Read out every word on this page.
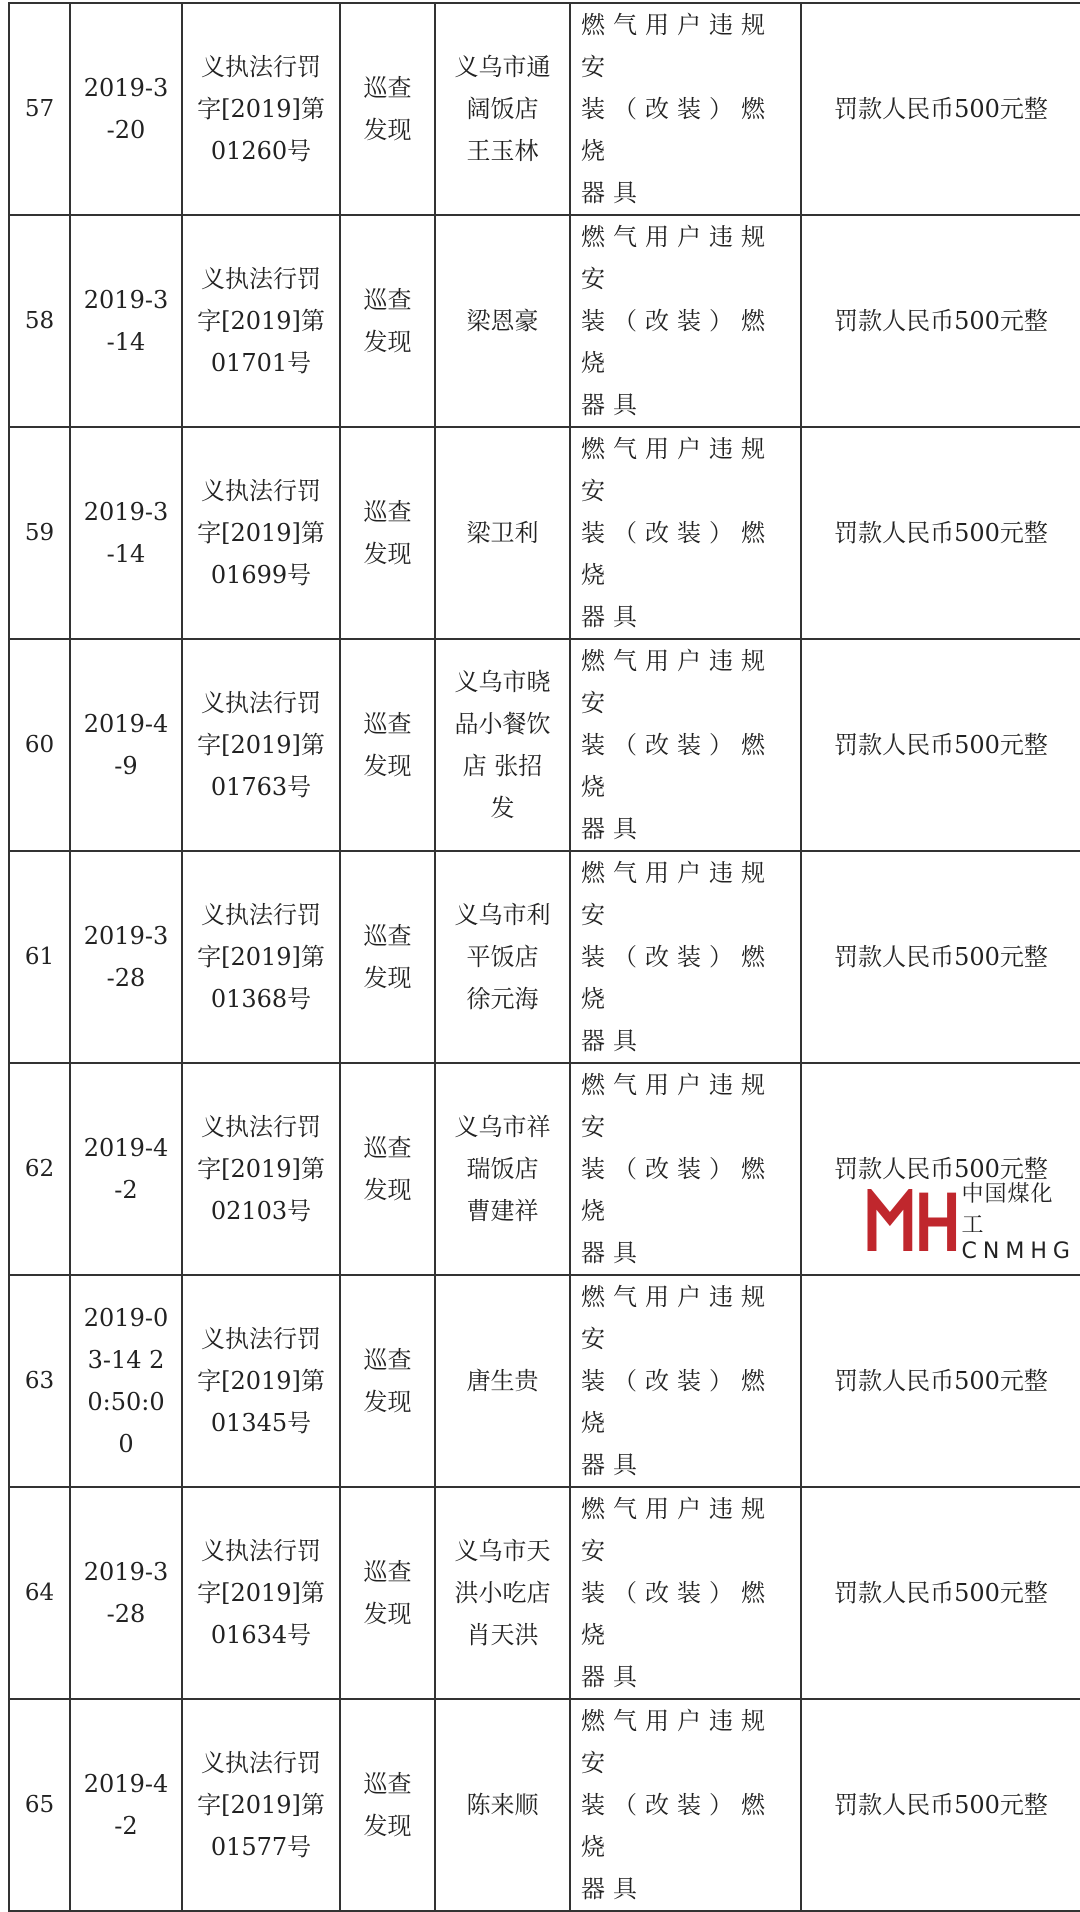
57	2019-3
-20	义执法行罚
字[2019]第
01260号	巡查
发现	义乌市通
阔饭店
王玉林	燃气用户违规安
装（改装）燃烧
器具	罚款人民币500元整
58	2019-3
-14	义执法行罚
字[2019]第
01701号	巡查
发现	梁恩豪	燃气用户违规安
装（改装）燃烧
器具	罚款人民币500元整
59	2019-3
-14	义执法行罚
字[2019]第
01699号	巡查
发现	梁卫利	燃气用户违规安
装（改装）燃烧
器具	罚款人民币500元整
60	2019-4
-9	义执法行罚
字[2019]第
01763号	巡查
发现	义乌市晓
品小餐饮
店 张招
发	燃气用户违规安
装（改装）燃烧
器具	罚款人民币500元整
61	2019-3
-28	义执法行罚
字[2019]第
01368号	巡查
发现	义乌市利
平饭店
徐元海	燃气用户违规安
装（改装）燃烧
器具	罚款人民币500元整
62	2019-4
-2	义执法行罚
字[2019]第
02103号	巡查
发现	义乌市祥
瑞饭店
曹建祥	燃气用户违规安
装（改装）燃烧
器具	罚款人民币500元整
63	2019-0
3-14 2
0:50:0
0	义执法行罚
字[2019]第
01345号	巡查
发现	唐生贵	燃气用户违规安
装（改装）燃烧
器具	罚款人民币500元整
64	2019-3
-28	义执法行罚
字[2019]第
01634号	巡查
发现	义乌市天
洪小吃店
肖天洪	燃气用户违规安
装（改装）燃烧
器具	罚款人民币500元整
65	2019-4
-2	义执法行罚
字[2019]第
01577号	巡查
发现	陈来顺	燃气用户违规安
装（改装）燃烧
器具	罚款人民币500元整
中国煤化工
CNMHG
